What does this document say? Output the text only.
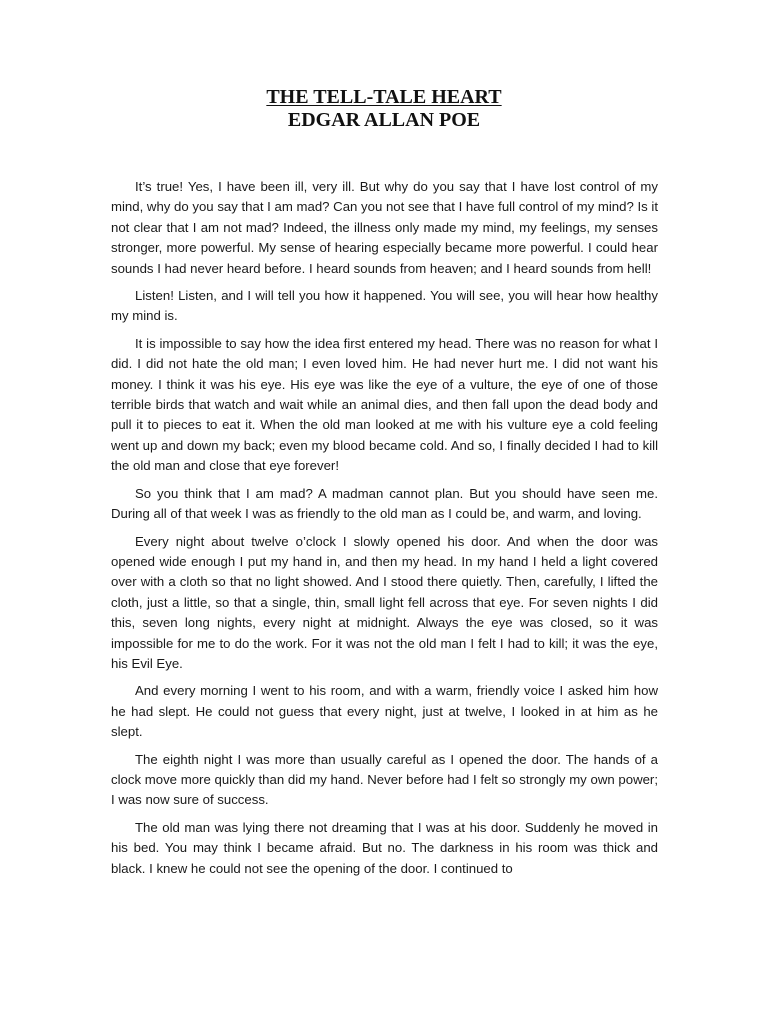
THE TELL-TALE HEART
EDGAR ALLAN POE

It’s true! Yes, I have been ill, very ill. But why do you say that I have lost control of my mind, why do you say that I am mad? Can you not see that I have full control of my mind? Is it not clear that I am not mad? Indeed, the illness only made my mind, my feelings, my senses stronger, more powerful. My sense of hearing especially became more powerful. I could hear sounds I had never heard before. I heard sounds from heaven; and I heard sounds from hell!

Listen! Listen, and I will tell you how it happened. You will see, you will hear how healthy my mind is.

It is impossible to say how the idea first entered my head. There was no reason for what I did. I did not hate the old man; I even loved him. He had never hurt me. I did not want his money. I think it was his eye. His eye was like the eye of a vulture, the eye of one of those terrible birds that watch and wait while an animal dies, and then fall upon the dead body and pull it to pieces to eat it. When the old man looked at me with his vulture eye a cold feeling went up and down my back; even my blood became cold. And so, I finally decided I had to kill the old man and close that eye forever!

So you think that I am mad? A madman cannot plan. But you should have seen me. During all of that week I was as friendly to the old man as I could be, and warm, and loving.

Every night about twelve o’clock I slowly opened his door. And when the door was opened wide enough I put my hand in, and then my head. In my hand I held a light covered over with a cloth so that no light showed. And I stood there quietly. Then, carefully, I lifted the cloth, just a little, so that a single, thin, small light fell across that eye. For seven nights I did this, seven long nights, every night at midnight. Always the eye was closed, so it was impossible for me to do the work. For it was not the old man I felt I had to kill; it was the eye, his Evil Eye.

And every morning I went to his room, and with a warm, friendly voice I asked him how he had slept. He could not guess that every night, just at twelve, I looked in at him as he slept.

The eighth night I was more than usually careful as I opened the door. The hands of a clock move more quickly than did my hand. Never before had I felt so strongly my own power; I was now sure of success.

The old man was lying there not dreaming that I was at his door. Suddenly he moved in his bed. You may think I became afraid. But no. The darkness in his room was thick and black. I knew he could not see the opening of the door. I continued to
